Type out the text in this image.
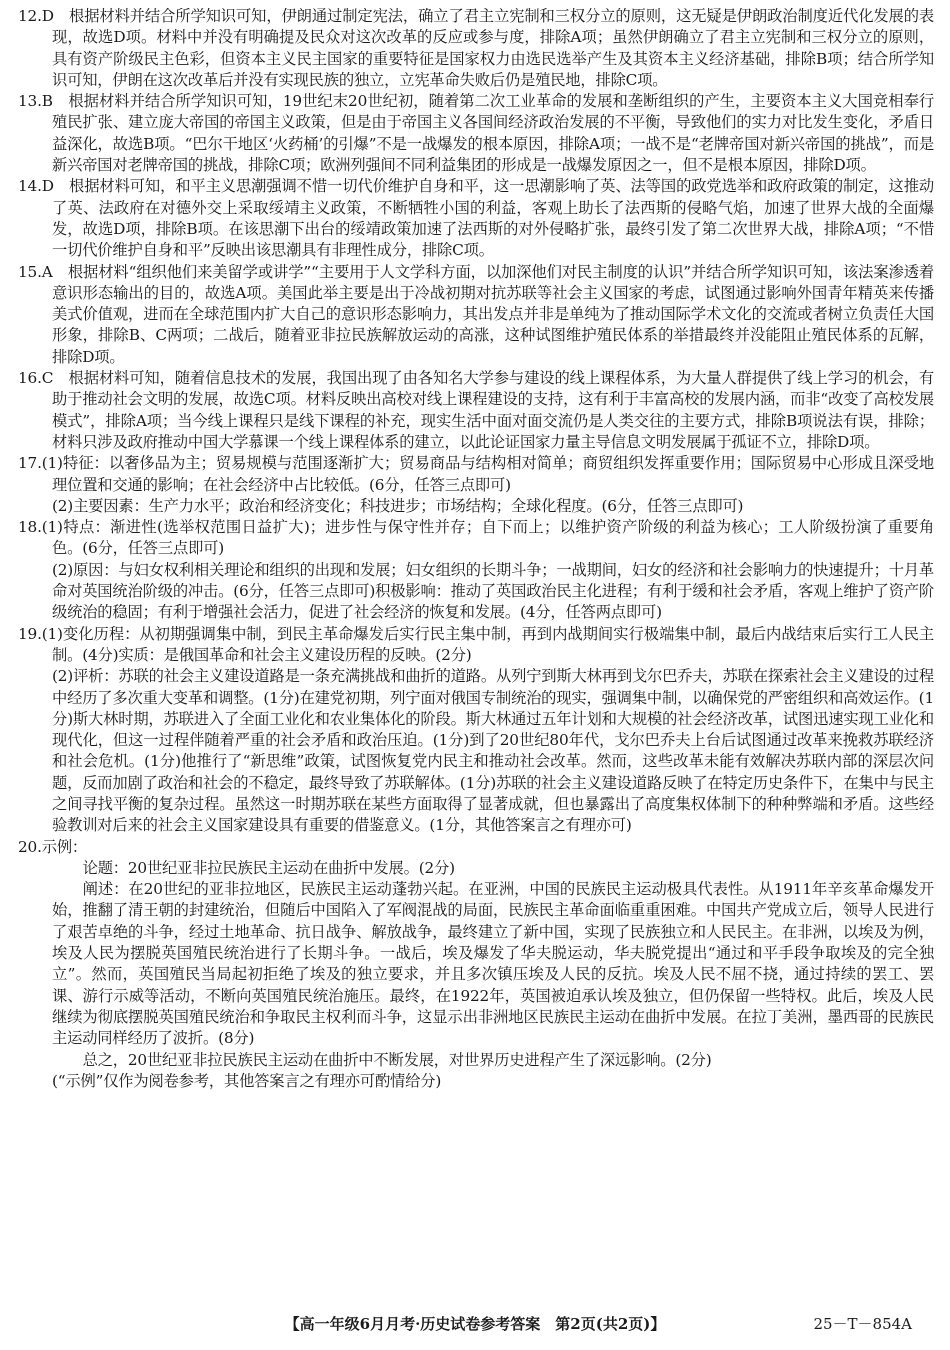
12.D　根据材料并结合所学知识可知，伊朗通过制定宪法，确立了君主立宪制和三权分立的原则，这无疑是伊朗政治制度近代化发展的表现，故选D项。材料中并没有明确提及民众对这次改革的反应或参与度，排除A项；虽然伊朗确立了君主立宪制和三权分立的原则，具有资产阶级民主色彩，但资本主义民主国家的重要特征是国家权力由选民选举产生及其资本主义经济基础，排除B项；结合所学知识可知，伊朗在这次改革后并没有实现民族的独立，立宪革命失败后仍是殖民地，排除C项。

13.B　根据材料并结合所学知识可知，19世纪末20世纪初，随着第二次工业革命的发展和垄断组织的产生，主要资本主义大国竞相奉行殖民扩张、建立庞大帝国的帝国主义政策，但是由于帝国主义各国间经济政治发展的不平衡，导致他们的实力对比发生变化，矛盾日益深化，故选B项。“巴尔干地区‘火药桶’的引爆”不是一战爆发的根本原因，排除A项；一战不是“老牌帝国对新兴帝国的挑战”，而是新兴帝国对老牌帝国的挑战，排除C项；欧洲列强间不同利益集团的形成是一战爆发原因之一，但不是根本原因，排除D项。

14.D　根据材料可知，和平主义思潮强调不惜一切代价维护自身和平，这一思潮影响了英、法等国的政党选举和政府政策的制定，这推动了英、法政府在对德外交上采取绥靖主义政策，不断牺牲小国的利益，客观上助长了法西斯的侵略气焰，加速了世界大战的全面爆发，故选D项，排除B项。在该思潮下出台的绥靖政策加速了法西斯的对外侵略扩张，最终引发了第二次世界大战，排除A项；“不惜一切代价维护自身和平”反映出该思潮具有非理性成分，排除C项。

15.A　根据材料“组织他们来美留学或讲学”“主要用于人文学科方面，以加深他们对民主制度的认识”并结合所学知识可知，该法案渗透着意识形态输出的目的，故选A项。美国此举主要是出于冷战初期对抗苏联等社会主义国家的考虑，试图通过影响外国青年精英来传播美式价值观，进而在全球范围内扩大自己的意识形态影响力，其出发点并非是单纯为了推动国际学术文化的交流或者树立负责任大国形象，排除B、C两项；二战后，随着亚非拉民族解放运动的高涨，这种试图维护殖民体系的举措最终并没能阻止殖民体系的瓦解，排除D项。

16.C　根据材料可知，随着信息技术的发展，我国出现了由各知名大学参与建设的线上课程体系，为大量人群提供了线上学习的机会，有助于推动社会文明的发展，故选C项。材料反映出高校对线上课程建设的支持，这有利于丰富高校的发展内涵，而非“改变了高校发展模式”，排除A项；当今线上课程只是线下课程的补充，现实生活中面对面交流仍是人类交往的主要方式，排除B项说法有误，排除；材料只涉及政府推动中国大学慕课一个线上课程体系的建立，以此论证国家力量主导信息文明发展属于孤证不立，排除D项。

17.(1)特征：以奢侈品为主；贸易规模与范围逐渐扩大；贸易商品与结构相对简单；商贸组织发挥重要作用；国际贸易中心形成且深受地理位置和交通的影响；在社会经济中占比较低。(6分，任答三点即可)

(2)主要因素：生产力水平；政治和经济变化；科技进步；市场结构；全球化程度。(6分，任答三点即可)

18.(1)特点：渐进性(选举权范围日益扩大)；进步性与保守性并存；自下而上；以维护资产阶级的利益为核心；工人阶级扮演了重要角色。(6分，任答三点即可)

(2)原因：与妇女权利相关理论和组织的出现和发展；妇女组织的长期斗争；一战期间，妇女的经济和社会影响力的快速提升；十月革命对英国统治阶级的冲击。(6分，任答三点即可)积极影响：推动了英国政治民主化进程；有利于缓和社会矛盾，客观上维护了资产阶级统治的稳固；有利于增强社会活力，促进了社会经济的恢复和发展。(4分，任答两点即可)

19.(1)变化历程：从初期强调集中制，到民主革命爆发后实行民主集中制，再到内战期间实行极端集中制，最后内战结束后实行工人民主制。(4分)实质：是俄国革命和社会主义建设历程的反映。(2分)

(2)评析：苏联的社会主义建设道路是一条充满挑战和曲折的道路。从列宁到斯大林再到戈尔巴乔夫，苏联在探索社会主义建设的过程中经历了多次重大变革和调整。(1分)在建党初期，列宁面对俄国专制统治的现实，强调集中制，以确保党的严密组织和高效运作。(1分)斯大林时期，苏联进入了全面工业化和农业集体化的阶段。斯大林通过五年计划和大规模的社会经济改革，试图迅速实现工业化和现代化，但这一过程伴随着严重的社会矛盾和政治压迫。(1分)到了20世纪80年代，戈尔巴乔夫上台后试图通过改革来挽救苏联经济和社会危机。(1分)他推行了“新思维”政策，试图恢复党内民主和推动社会改革。然而，这些改革未能有效解决苏联内部的深层次问题，反而加剧了政治和社会的不稳定，最终导致了苏联解体。(1分)苏联的社会主义建设道路反映了在特定历史条件下，在集中与民主之间寻找平衡的复杂过程。虽然这一时期苏联在某些方面取得了显著成就，但也暴露出了高度集权体制下的种种弊端和矛盾。这些经验教训对后来的社会主义国家建设具有重要的借鉴意义。(1分，其他答案言之有理亦可)

20.示例：

论题：20世纪亚非拉民族民主运动在曲折中发展。(2分)

阐述：在20世纪的亚非拉地区，民族民主运动蓬勃兴起。在亚洲，中国的民族民主运动极具代表性。从1911年辛亥革命爆发开始，推翻了清王朝的封建统治，但随后中国陷入了军阀混战的局面，民族民主革命面临重重困难。中国共产党成立后，领导人民进行了艰苦卓绝的斗争，经过土地革命、抗日战争、解放战争，最终建立了新中国，实现了民族独立和人民民主。在非洲，以埃及为例，埃及人民为摆脱英国殖民统治进行了长期斗争。一战后，埃及爆发了华夫脱运动，华夫脱党提出“通过和平手段争取埃及的完全独立”。然而，英国殖民当局起初拒绝了埃及的独立要求，并且多次镇压埃及人民的反抗。埃及人民不屈不挠，通过持续的罢工、罢课、游行示威等活动，不断向英国殖民统治施压。最终，在1922年，英国被迫承认埃及独立，但仍保留一些特权。此后，埃及人民继续为彻底摆脱英国殖民统治和争取民主权利而斗争，这显示出非洲地区民族民主运动在曲折中发展。在拉丁美洲，墨西哥的民族民主运动同样经历了波折。(8分)

总之，20世纪亚非拉民族民主运动在曲折中不断发展，对世界历史进程产生了深远影响。(2分)

(“示例”仅作为阅卷参考，其他答案言之有理亦可酌情给分)

【高一年级6月月考·历史试卷参考答案　第2页(共2页)】	25－T－854A
